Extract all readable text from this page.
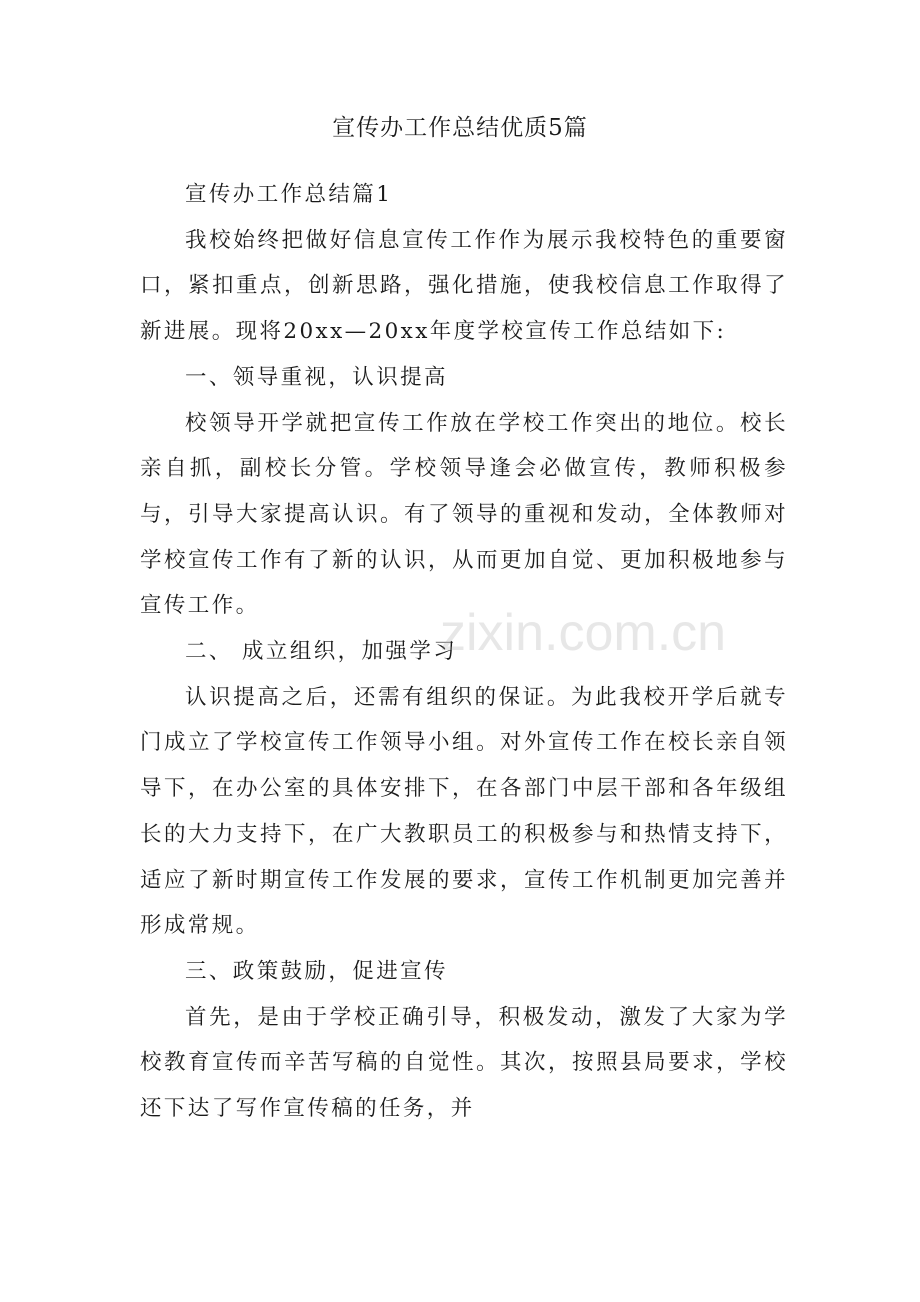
宣传办工作总结优质5篇

宣传办工作总结篇1

我校始终把做好信息宣传工作作为展示我校特色的重要窗口，紧扣重点，创新思路，强化措施，使我校信息工作取得了新进展。现将20xx—20xx年度学校宣传工作总结如下:

一、领导重视，认识提高

校领导开学就把宣传工作放在学校工作突出的地位。校长亲自抓，副校长分管。学校领导逢会必做宣传，教师积极参与，引导大家提高认识。有了领导的重视和发动，全体教师对学校宣传工作有了新的认识，从而更加自觉、更加积极地参与宣传工作。

二、 成立组织，加强学习

认识提高之后，还需有组织的保证。为此我校开学后就专门成立了学校宣传工作领导小组。对外宣传工作在校长亲自领导下，在办公室的具体安排下，在各部门中层干部和各年级组长的大力支持下，在广大教职员工的积极参与和热情支持下，适应了新时期宣传工作发展的要求，宣传工作机制更加完善并形成常规。

三、政策鼓励，促进宣传

首先，是由于学校正确引导，积极发动，激发了大家为学校教育宣传而辛苦写稿的自觉性。其次，按照县局要求，学校还下达了写作宣传稿的任务，并

zixin.com.cn
